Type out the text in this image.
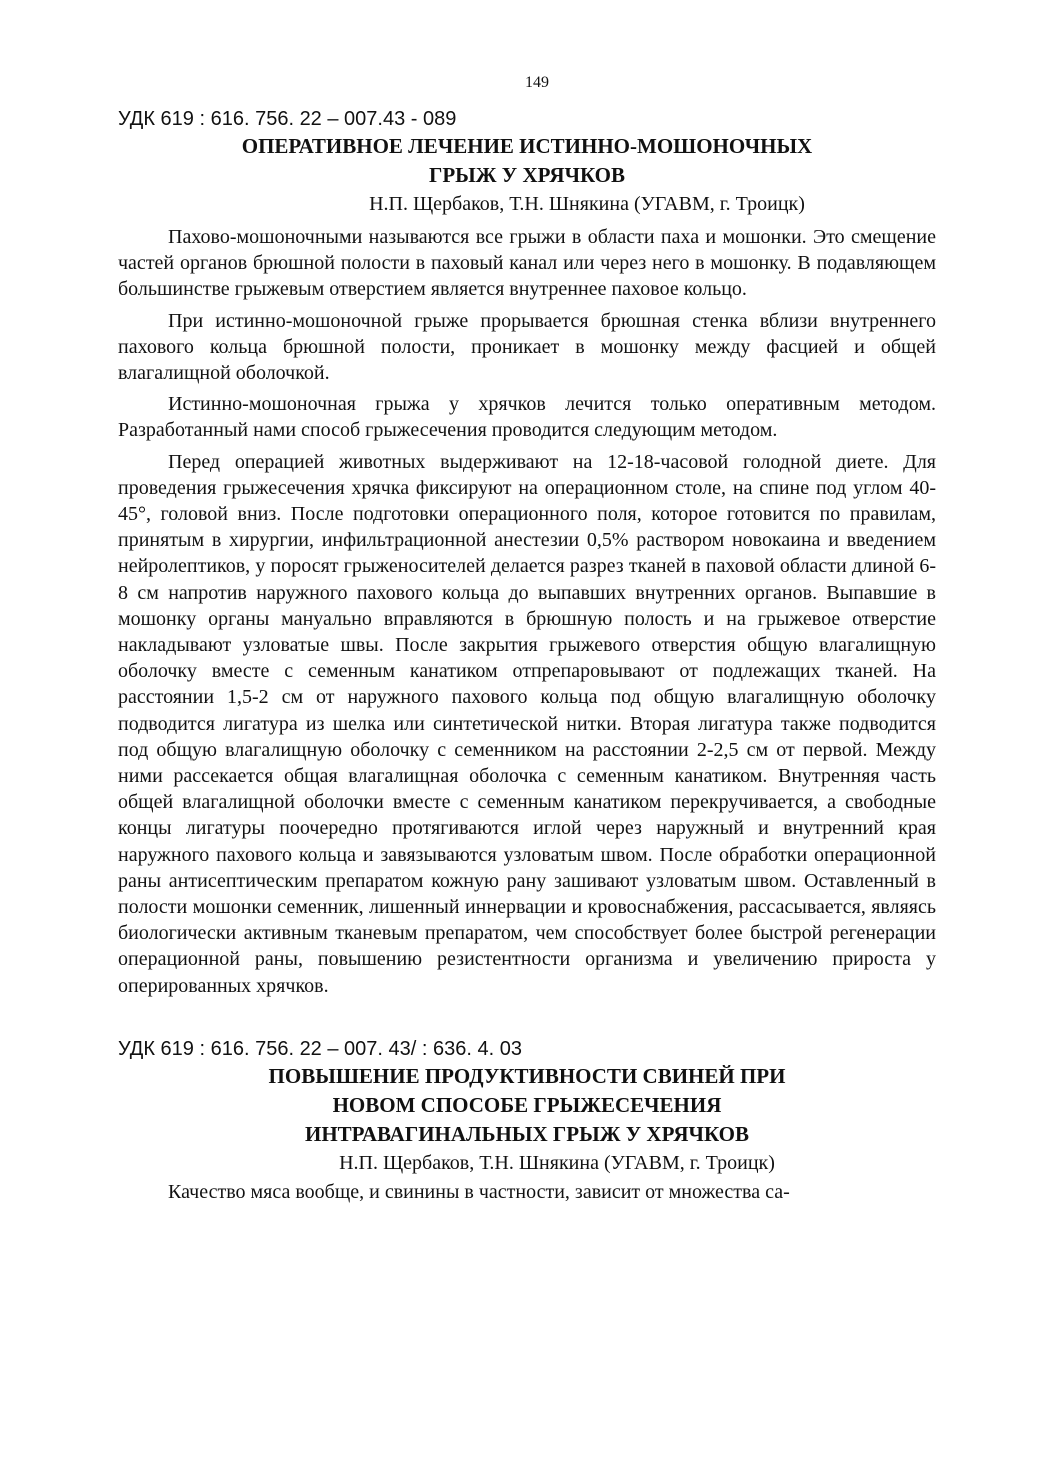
149

УДК 619 : 616. 756. 22 – 007.43 - 089

ОПЕРАТИВНОЕ ЛЕЧЕНИЕ ИСТИННО-МОШОНОЧНЫХ

ГРЫЖ У ХРЯЧКОВ

Н.П. Щербаков, Т.Н. Шнякина (УГАВМ, г. Троицк)

Пахово-мошоночными называются все грыжи в области паха и мошонки. Это смещение частей органов брюшной полости в паховый канал или через него в мошонку. В подавляющем большинстве грыжевым отверстием является внутреннее паховое кольцо.

При истинно-мошоночной грыже прорывается брюшная стенка вблизи внутреннего пахового кольца брюшной полости, проникает в мошонку между фасцией и общей влагалищной оболочкой.

Истинно-мошоночная грыжа у хрячков лечится только оперативным методом. Разработанный нами способ грыжесечения проводится следующим методом.

Перед операцией животных выдерживают на 12-18-часовой голодной диете. Для проведения грыжесечения хрячка фиксируют на операционном столе, на спине под углом 40-45°, головой вниз. После подготовки операционного поля, которое готовится по правилам, принятым в хирургии, инфильтрационной анестезии 0,5% раствором новокаина и введением нейролептиков, у поросят грыженосителей делается разрез тканей в паховой области длиной 6-8 см напротив наружного пахового кольца до выпавших внутренних органов. Выпавшие в мошонку органы мануально вправляются в брюшную полость и на грыжевое отверстие накладывают узловатые швы. После закрытия грыжевого отверстия общую влагалищную оболочку вместе с семенным канатиком отпрепаровывают от подлежащих тканей. На расстоянии 1,5-2 см от наружного пахового кольца под общую влагалищную оболочку подводится лигатура из шелка или синтетической нитки. Вторая лигатура также подводится под общую влагалищную оболочку с семенником на расстоянии 2-2,5 см от первой. Между ними рассекается общая влагалищная оболочка с семенным канатиком. Внутренняя часть общей влагалищной оболочки вместе с семенным канатиком перекручивается, а свободные концы лигатуры поочередно протягиваются иглой через наружный и внутренний края наружного пахового кольца и завязываются узловатым швом. После обработки операционной раны антисептическим препаратом кожную рану зашивают узловатым швом. Оставленный в полости мошонки семенник, лишенный иннервации и кровоснабжения, рассасывается, являясь биологически активным тканевым препаратом, чем способствует более быстрой регенерации операционной раны, повышению резистентности организма и увеличению прироста у оперированных хрячков.

УДК 619 : 616. 756. 22 – 007. 43/ : 636. 4. 03

ПОВЫШЕНИЕ ПРОДУКТИВНОСТИ СВИНЕЙ ПРИ

НОВОМ СПОСОБЕ ГРЫЖЕСЕЧЕНИЯ

ИНТРАВАГИНАЛЬНЫХ ГРЫЖ У ХРЯЧКОВ

Н.П. Щербаков, Т.Н. Шнякина (УГАВМ, г. Троицк)

Качество мяса вообще, и свинины в частности, зависит от множества са-
